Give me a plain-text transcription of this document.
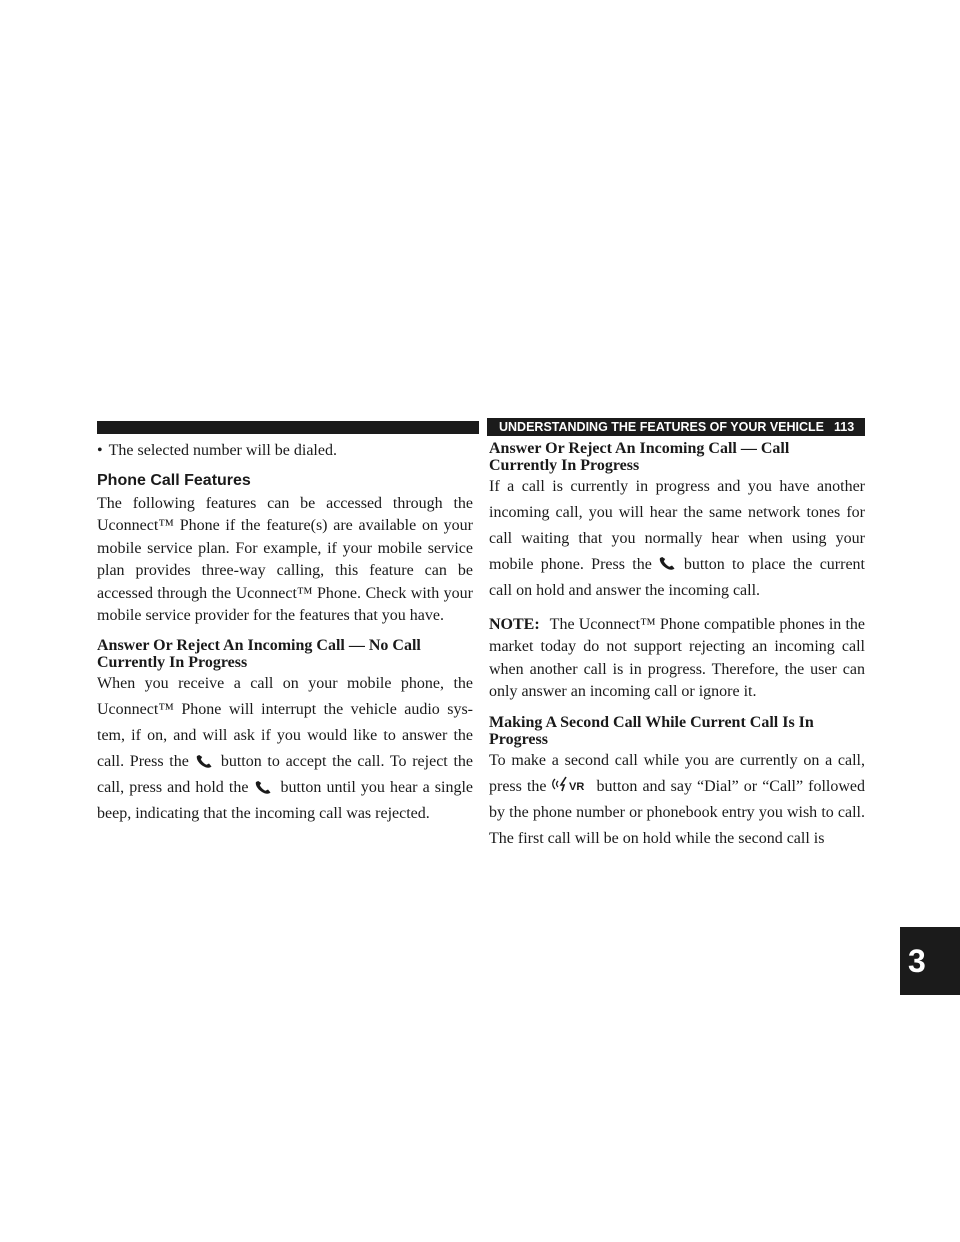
UNDERSTANDING THE FEATURES OF YOUR VEHICLE 113
3

• The selected number will be dialed.

Phone Call Features

The following features can be accessed through the Uconnect™ Phone if the feature(s) are available on your mobile service plan. For example, if your mobile service plan provides three-way calling, this feature can be accessed through the Uconnect™ Phone. Check with your mobile service provider for the features that you have.

Answer Or Reject An Incoming Call — No Call
Currently In Progress

When you receive a call on your mobile phone, the Uconnect™ Phone will interrupt the vehicle audio sys-tem, if on, and will ask if you would like to answer the call. Press the button to accept the call. To reject the call, press and hold the button until you hear a single beep, indicating that the incoming call was rejected.

Answer Or Reject An Incoming Call — Call
Currently In Progress

If a call is currently in progress and you have another incoming call, you will hear the same network tones for call waiting that you normally hear when using your mobile phone. Press the button to place the current call on hold and answer the incoming call.

NOTE: The Uconnect™ Phone compatible phones in the market today do not support rejecting an incoming call when another call is in progress. Therefore, the user can only answer an incoming call or ignore it.

Making A Second Call While Current Call Is In
Progress

To make a second call while you are currently on a call, press the VR button and say “Dial” or “Call” followed by the phone number or phonebook entry you wish to call. The first call will be on hold while the second call is
